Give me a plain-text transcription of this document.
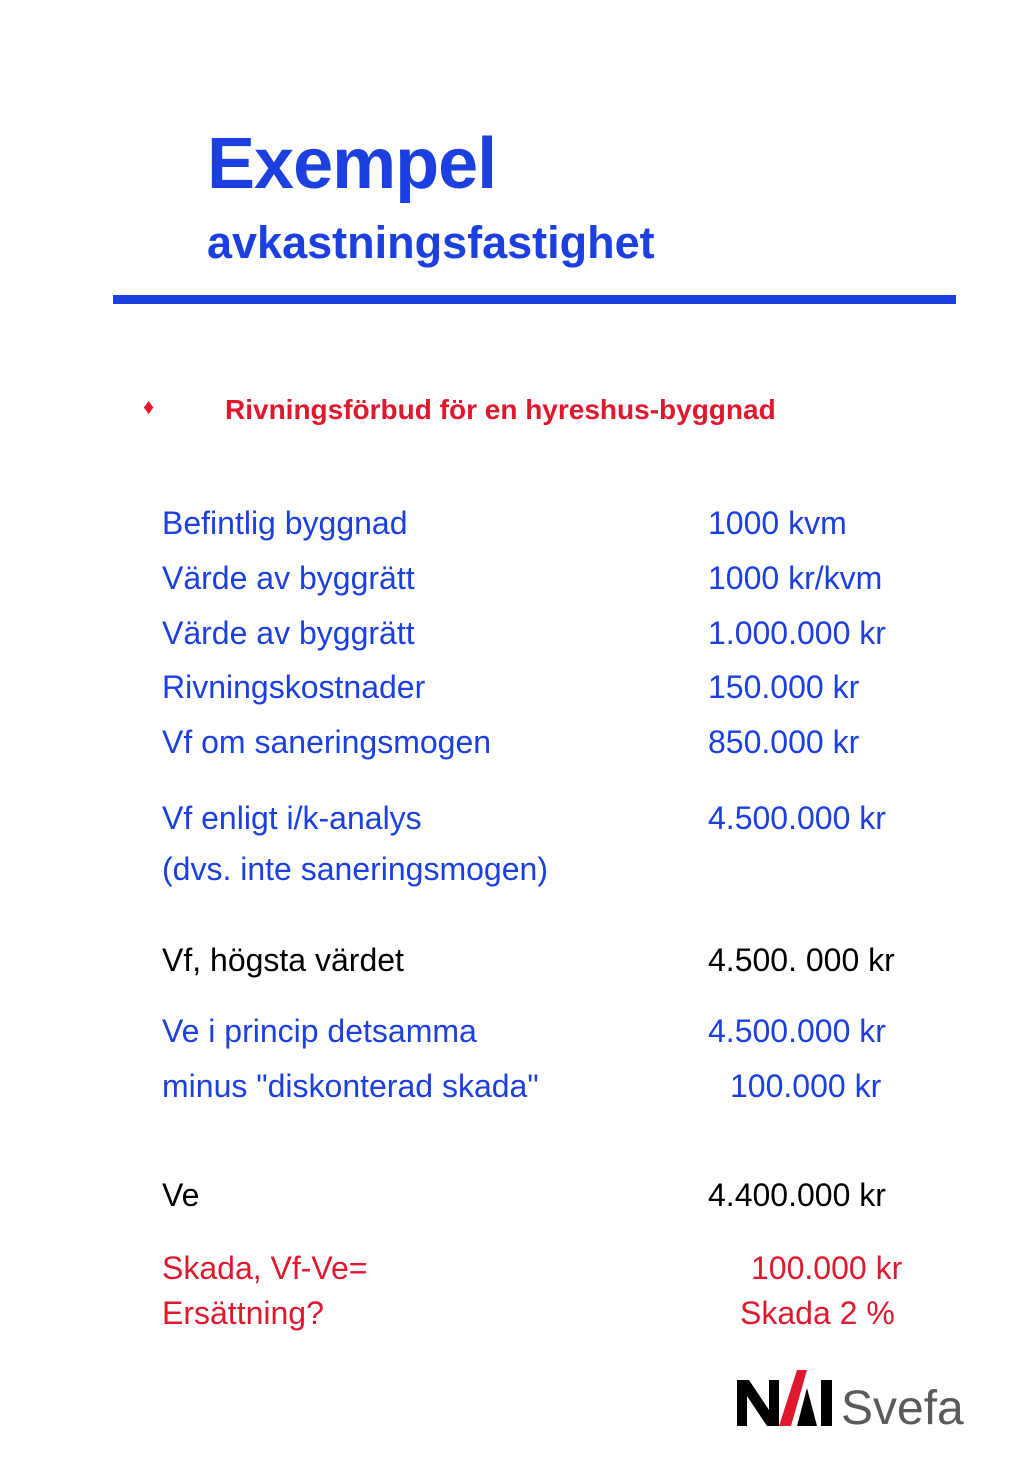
Exempel
avkastningsfastighet
♦	Rivningsförbud för en hyreshus-byggnad
Befintlig byggnad	1000 kvm
Värde av byggrätt	1000 kr/kvm
Värde av byggrätt	1.000.000 kr
Rivningskostnader	150.000 kr
Vf om saneringsmogen	850.000 kr
Vf enligt i/k-analys	4.500.000 kr
(dvs. inte saneringsmogen)
Vf, högsta värdet	4.500. 000 kr
Ve i princip detsamma	4.500.000 kr
minus "diskonterad skada"	100.000 kr
Ve	4.400.000 kr
Skada, Vf-Ve=	100.000 kr
Ersättning?	Skada 2 %
Svefa
